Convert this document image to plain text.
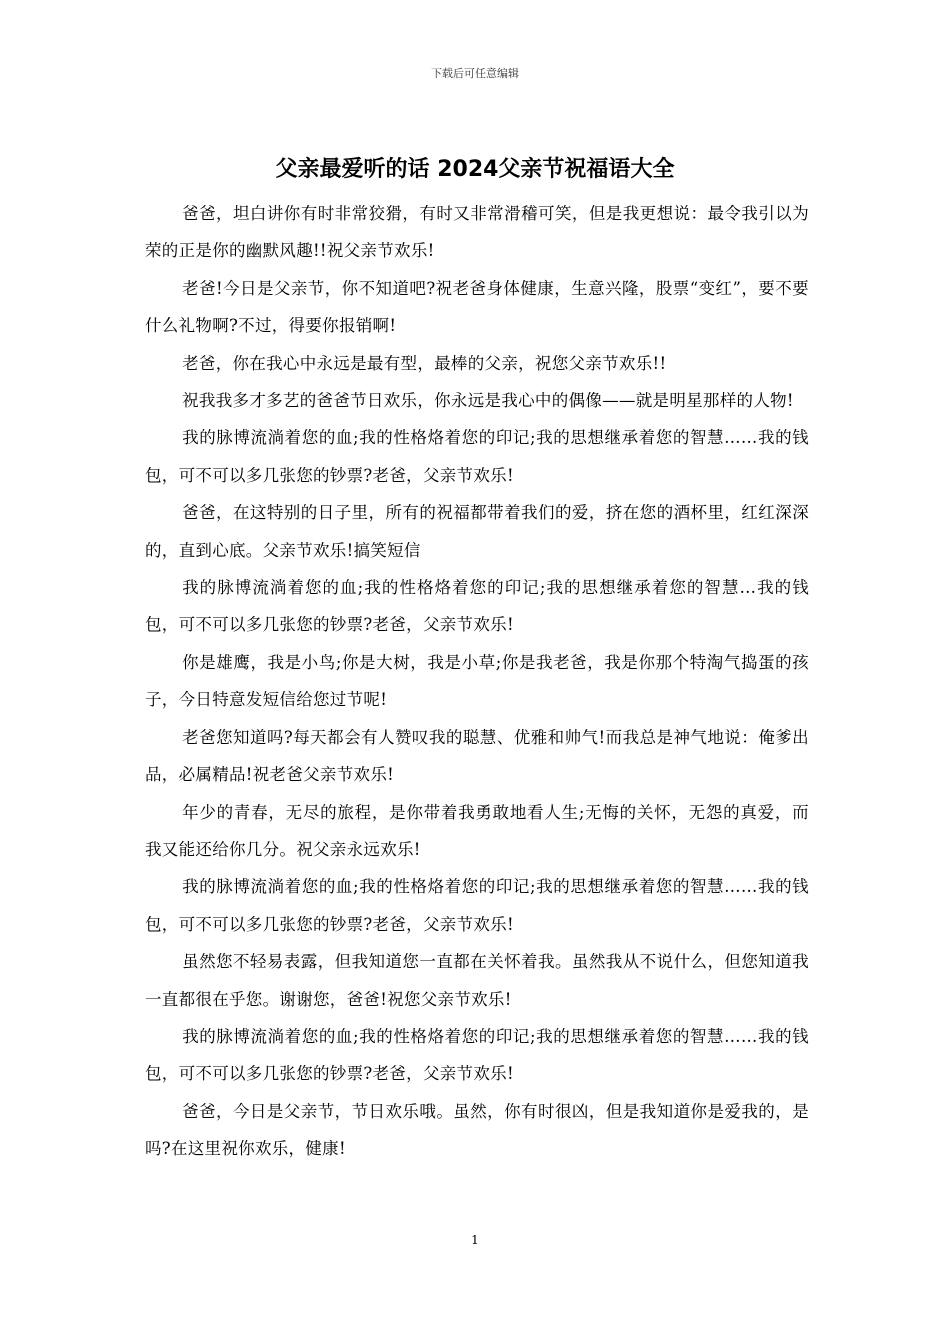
下载后可任意编辑
父亲最爱听的话 2024父亲节祝福语大全

爸爸，坦白讲你有时非常狡猾，有时又非常滑稽可笑，但是我更想说：最令我引以为荣的正是你的幽默风趣!!祝父亲节欢乐!

老爸!今日是父亲节，你不知道吧?祝老爸身体健康，生意兴隆，股票“变红”，要不要什么礼物啊?不过，得要你报销啊!

老爸，你在我心中永远是最有型，最棒的父亲，祝您父亲节欢乐!!

祝我我多才多艺的爸爸节日欢乐，你永远是我心中的偶像——就是明星那样的人物!

我的脉博流淌着您的血;我的性格烙着您的印记;我的思想继承着您的智慧……我的钱包，可不可以多几张您的钞票?老爸，父亲节欢乐!

爸爸，在这特别的日子里，所有的祝福都带着我们的爱，挤在您的酒杯里，红红深深的，直到心底。父亲节欢乐!搞笑短信

我的脉博流淌着您的血;我的性格烙着您的印记;我的思想继承着您的智慧…我的钱包，可不可以多几张您的钞票?老爸，父亲节欢乐!

你是雄鹰，我是小鸟;你是大树，我是小草;你是我老爸，我是你那个特淘气捣蛋的孩子，今日特意发短信给您过节呢!

老爸您知道吗?每天都会有人赞叹我的聪慧、优雅和帅气!而我总是神气地说：俺爹出品，必属精品!祝老爸父亲节欢乐!

年少的青春，无尽的旅程，是你带着我勇敢地看人生;无悔的关怀，无怨的真爱，而我又能还给你几分。祝父亲永远欢乐!

我的脉博流淌着您的血;我的性格烙着您的印记;我的思想继承着您的智慧……我的钱包，可不可以多几张您的钞票?老爸，父亲节欢乐!

虽然您不轻易表露，但我知道您一直都在关怀着我。虽然我从不说什么，但您知道我一直都很在乎您。谢谢您，爸爸!祝您父亲节欢乐!

我的脉博流淌着您的血;我的性格烙着您的印记;我的思想继承着您的智慧……我的钱包，可不可以多几张您的钞票?老爸，父亲节欢乐!

爸爸，今日是父亲节，节日欢乐哦。虽然，你有时很凶，但是我知道你是爱我的，是吗?在这里祝你欢乐，健康!

1
